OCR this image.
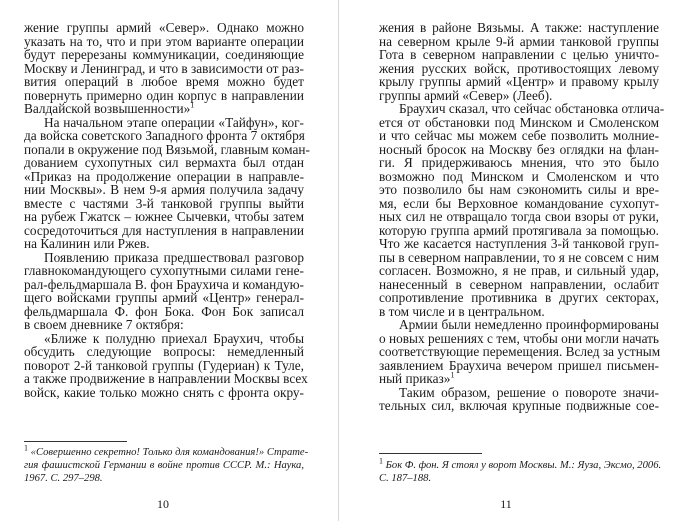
жение группы армий «Север». Однако можно
указать на то, что и при этом варианте операции
будут перерезаны коммуникации, соединяющие
Москву и Ленинград, и что в зависимости от раз-
вития операций в любое время можно будет
повернуть примерно один корпус в направлении
Валдайской возвышенности»$^1$
На начальном этапе операции «Тайфун», ког-
да войска советского Западного фронта 7 октября
попали в окружение под Вязьмой, главным коман-
дованием сухопутных сил вермахта был отдан
«Приказ на продолжение операции в направле-
нии Москвы». В нем 9-я армия получила задачу
вместе с частями 3-й танковой группы выйти
на рубеж Гжатск – южнее Сычевки, чтобы затем
сосредоточиться для наступления в направлении
на Калинин или Ржев.
Появлению приказа предшествовал разговор
главнокомандующего сухопутными силами гене-
рал-фельдмаршала В. фон Браухича и командую-
щего войсками группы армий «Центр» генерал-
фельдмаршала Ф. фон Бока. Фон Бок записал
в своем дневнике 7 октября:
«Ближе к полудню приехал Браухич, чтобы
обсудить следующие вопросы: немедленный
поворот 2-й танковой группы (Гудериан) к Туле,
а также продвижение в направлении Москвы всех
войск, какие только можно снять с фронта окру-
$^1$ «Совершенно секретно! Только для командования!» Страте-
гия фашистской Германии в войне против СССР. М.: Наука,
1967. С. 297–298.
10
жения в районе Вязьмы. А также: наступление
на северном крыле 9-й армии танковой группы
Гота в северном направлении с целью уничто-
жения русских войск, противостоящих левому
крылу группы армий «Центр» и правому крылу
группы армий «Север» (Лееб).
Браухич сказал, что сейчас обстановка отлича-
ется от обстановки под Минском и Смоленском
и что сейчас мы можем себе позволить молние-
носный бросок на Москву без оглядки на флан-
ги. Я придерживаюсь мнения, что это было
возможно под Минском и Смоленском и что
это позволило бы нам сэкономить силы и вре-
мя, если бы Верховное командование сухопут-
ных сил не отвращало тогда свои взоры от руки,
которую группа армий протягивала за помощью.
Что же касается наступления 3-й танковой груп-
пы в северном направлении, то я не совсем с ним
согласен. Возможно, я не прав, и сильный удар,
нанесенный в северном направлении, ослабит
сопротивление противника в других секторах,
в том числе и в центральном.
Армии были немедленно проинформированы
о новых решениях с тем, чтобы они могли начать
соответствующие перемещения. Вслед за устным
заявлением Браухича вечером пришел письмен-
ный приказ»$^1$
Таким образом, решение о повороте значи-
тельных сил, включая крупные подвижные сое-
$^1$ Бок Ф. фон. Я стоял у ворот Москвы. М.: Яуза, Эксмо, 2006.
С. 187–188.
11
